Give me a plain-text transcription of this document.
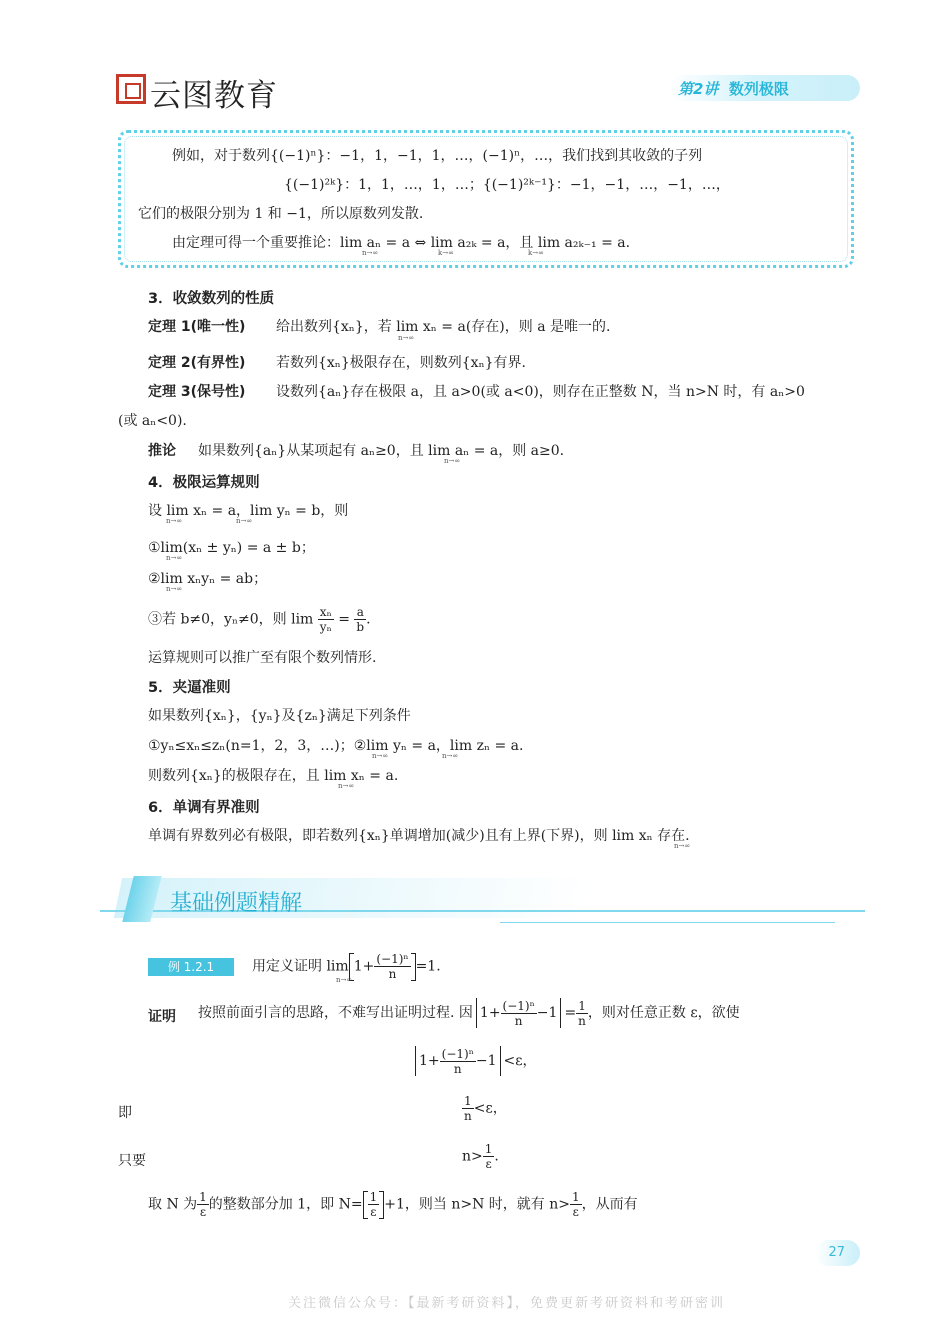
云图教育	第2讲 数列极限
例如，对于数列{(−1)ⁿ}：−1，1，−1，1，…，(−1)ⁿ，…，我们找到其收敛的子列
{(−1)²ᵏ}：1，1，…，1，…；{(−1)²ᵏ⁻¹}：−1，−1，…，−1，…，
它们的极限分别为 1 和 −1，所以原数列发散.
由定理可得一个重要推论：lim aₙ = a ⇔ lim a₂ₖ = a，且 lim a₂ₖ₋₁ = a.
n→∞	k→∞	k→∞
3．收敛数列的性质
定理 1(唯一性) 给出数列{xₙ}，若 lim xₙ = a(存在)，则 a 是唯一的.
n→∞
定理 2(有界性) 若数列{xₙ}极限存在，则数列{xₙ}有界.
定理 3(保号性) 设数列{aₙ}存在极限 a，且 a>0(或 a<0)，则存在正整数 N，当 n>N 时，有 aₙ>0
(或 aₙ<0).
推论 如果数列{aₙ}从某项起有 aₙ≥0，且 lim aₙ = a，则 a≥0.
n→∞
4．极限运算规则
设 lim xₙ = a，lim yₙ = b，则
n→∞	n→∞
①lim(xₙ ± yₙ) = a ± b；
n→∞
②lim xₙyₙ = ab；
n→∞
③若 b≠0，yₙ≠0，则 $\lim \frac{\text{xₙ}}{\text{yₙ}} = \frac{a}{b}$ .
运算规则可以推广至有限个数列情形.
5．夹逼准则
如果数列{xₙ}，{yₙ}及{zₙ}满足下列条件
①yₙ≤xₙ≤zₙ(n=1，2，3，…)；②lim yₙ = a，lim zₙ = a.
n→∞	n→∞
则数列{xₙ}的极限存在，且 lim xₙ = a.
n→∞
6．单调有界准则
单调有界数列必有极限，即若数列{xₙ}单调增加(减少)且有上界(下界)，则 lim xₙ 存在.
n→∞
基础例题精解
例 1.2.1	用定义证明 $\lim 1+ \frac{\text{(−1)ⁿ}}{n} =1$.
n→∞
证明 按照前面引言的思路，不难写出证明过程. 因 $1+ \frac{\text{(−1)ⁿ}}{n} -1 = \frac{1}{n}$ ，则对任意正数 ε，欲使
$1+ \frac{\text{(−1)ⁿ}}{n} -1 <\varepsilon$，
即	$\frac{1}{n} <\varepsilon$，
只要	$n> \frac{1}{\varepsilon}$ .
取 N 为 $\frac{1}{\varepsilon}$ 的整数部分加 1，即 $N= \frac{1}{\varepsilon} +1$，则当 n>N 时，就有 $n> \frac{1}{\varepsilon}$ ，从而有
27
关注微信公众号：【最新考研资料】，免费更新考研资料和考研密训
